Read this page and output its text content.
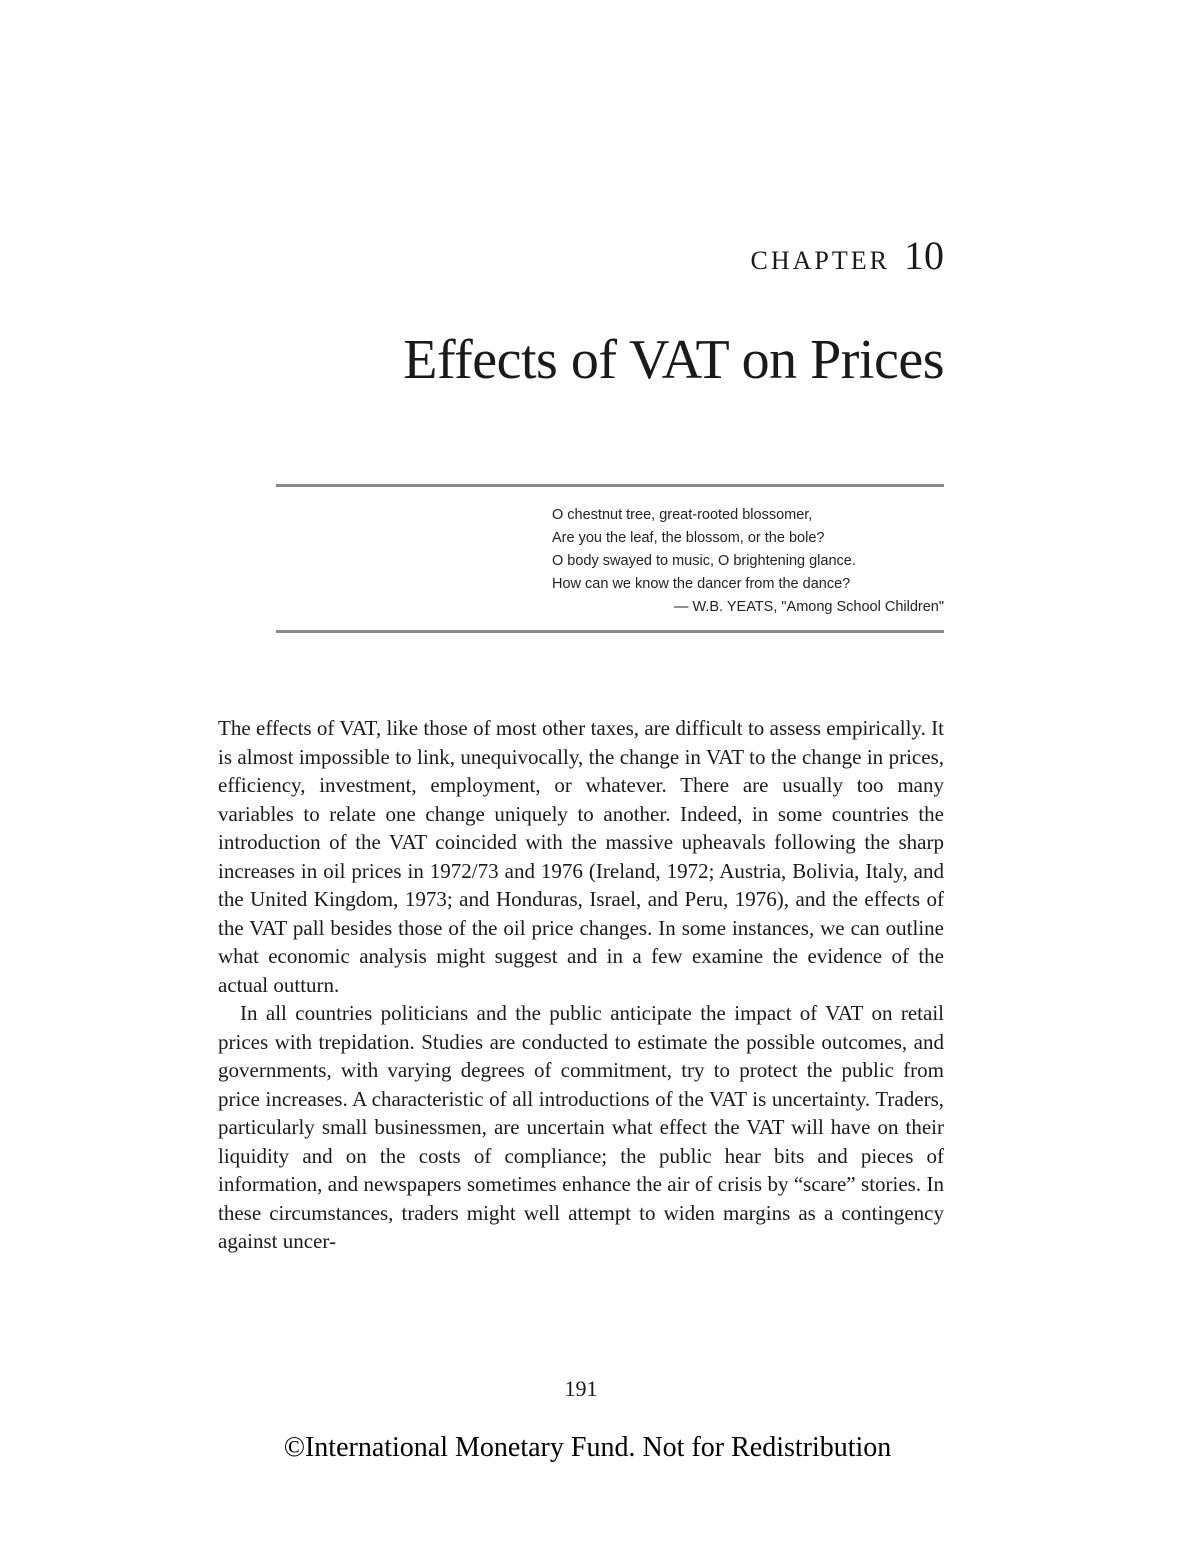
CHAPTER 10
Effects of VAT on Prices
O chestnut tree, great-rooted blossomer,
Are you the leaf, the blossom, or the bole?
O body swayed to music, O brightening glance.
How can we know the dancer from the dance?
— W.B. YEATS, "Among School Children"

The effects of VAT, like those of most other taxes, are difficult to assess empirically. It is almost impossible to link, unequivocally, the change in VAT to the change in prices, efficiency, investment, employment, or whatever. There are usually too many variables to relate one change uniquely to another. Indeed, in some countries the introduction of the VAT coincided with the massive upheavals following the sharp increases in oil prices in 1972/73 and 1976 (Ireland, 1972; Austria, Bolivia, Italy, and the United Kingdom, 1973; and Honduras, Israel, and Peru, 1976), and the effects of the VAT pall besides those of the oil price changes. In some instances, we can outline what economic analysis might suggest and in a few examine the evidence of the actual outturn.

In all countries politicians and the public anticipate the impact of VAT on retail prices with trepidation. Studies are conducted to estimate the possible outcomes, and governments, with varying degrees of commitment, try to protect the public from price increases. A characteristic of all introductions of the VAT is uncertainty. Traders, particularly small businessmen, are uncertain what effect the VAT will have on their liquidity and on the costs of compliance; the public hear bits and pieces of information, and newspapers sometimes enhance the air of crisis by “scare” stories. In these circumstances, traders might well attempt to widen margins as a contingency against uncer-

191
©International Monetary Fund. Not for Redistribution
